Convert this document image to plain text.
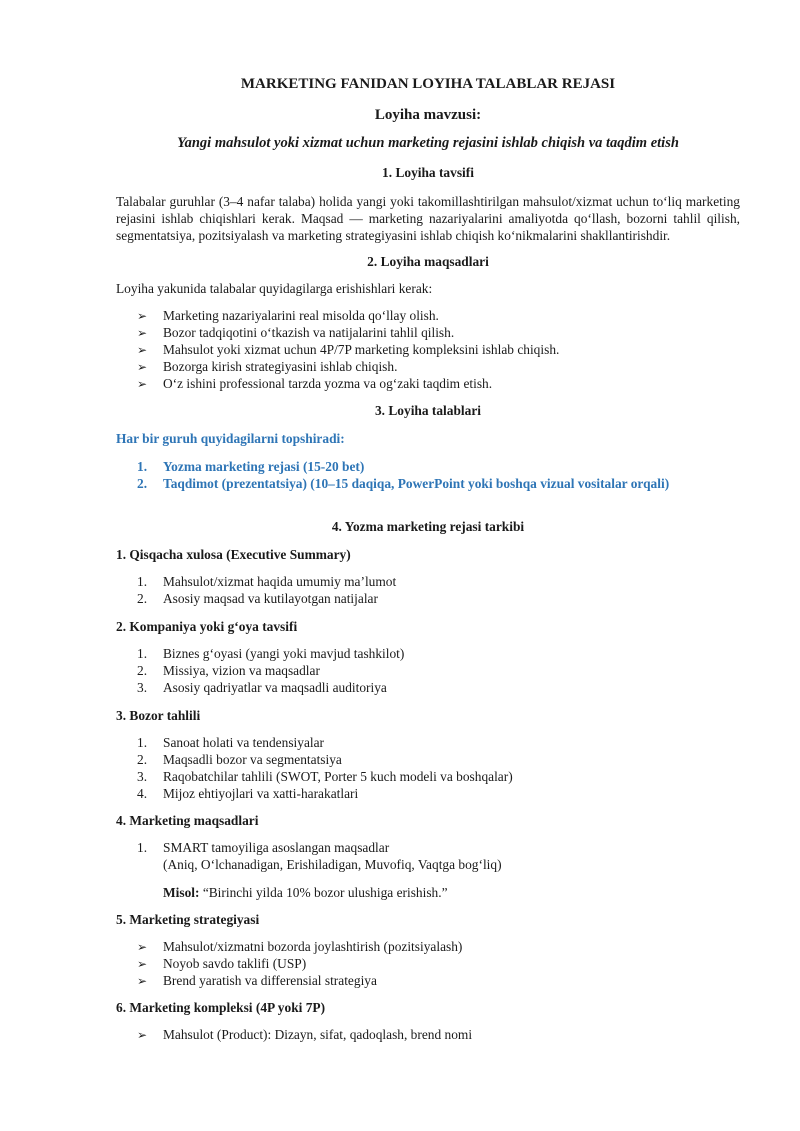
MARKETING FANIDAN LOYIHA TALABLAR REJASI
Loyiha mavzusi:
Yangi mahsulot yoki xizmat uchun marketing rejasini ishlab chiqish va taqdim etish
1. Loyiha tavsifi
Talabalar guruhlar (3–4 nafar talaba) holida yangi yoki takomillashtirilgan mahsulot/xizmat uchun to‘liq marketing
rejasini ishlab chiqishlari kerak. Maqsad — marketing nazariyalarini amaliyotda qo‘llash, bozorni tahlil qilish,
segmentatsiya, pozitsiyalash va marketing strategiyasini ishlab chiqish ko‘nikmalarini shakllantirishdir.
2. Loyiha maqsadlari
Loyiha yakunida talabalar quyidagilarga erishishlari kerak:
➢ Marketing nazariyalarini real misolda qo‘llay olish.
➢ Bozor tadqiqotini o‘tkazish va natijalarini tahlil qilish.
➢ Mahsulot yoki xizmat uchun 4P/7P marketing kompleksini ishlab chiqish.
➢ Bozorga kirish strategiyasini ishlab chiqish.
➢ O‘z ishini professional tarzda yozma va og‘zaki taqdim etish.
3. Loyiha talablari
Har bir guruh quyidagilarni topshiradi:
1. Yozma marketing rejasi (15-20 bet)
2. Taqdimot (prezentatsiya) (10–15 daqiqa, PowerPoint yoki boshqa vizual vositalar orqali)
4. Yozma marketing rejasi tarkibi
1. Qisqacha xulosa (Executive Summary)
1. Mahsulot/xizmat haqida umumiy ma’lumot
2. Asosiy maqsad va kutilayotgan natijalar
2. Kompaniya yoki g‘oya tavsifi
1. Biznes g‘oyasi (yangi yoki mavjud tashkilot)
2. Missiya, vizion va maqsadlar
3. Asosiy qadriyatlar va maqsadli auditoriya
3. Bozor tahlili
1. Sanoat holati va tendensiyalar
2. Maqsadli bozor va segmentatsiya
3. Raqobatchilar tahlili (SWOT, Porter 5 kuch modeli va boshqalar)
4. Mijoz ehtiyojlari va xatti-harakatlari
4. Marketing maqsadlari
1. SMART tamoyiliga asoslangan maqsadlar
(Aniq, O‘lchanadigan, Erishiladigan, Muvofiq, Vaqtga bog‘liq)
Misol: “Birinchi yilda 10% bozor ulushiga erishish.”
5. Marketing strategiyasi
➢ Mahsulot/xizmatni bozorda joylashtirish (pozitsiyalash)
➢ Noyob savdo taklifi (USP)
➢ Brend yaratish va differensial strategiya
6. Marketing kompleksi (4P yoki 7P)
➢ Mahsulot (Product): Dizayn, sifat, qadoqlash, brend nomi
